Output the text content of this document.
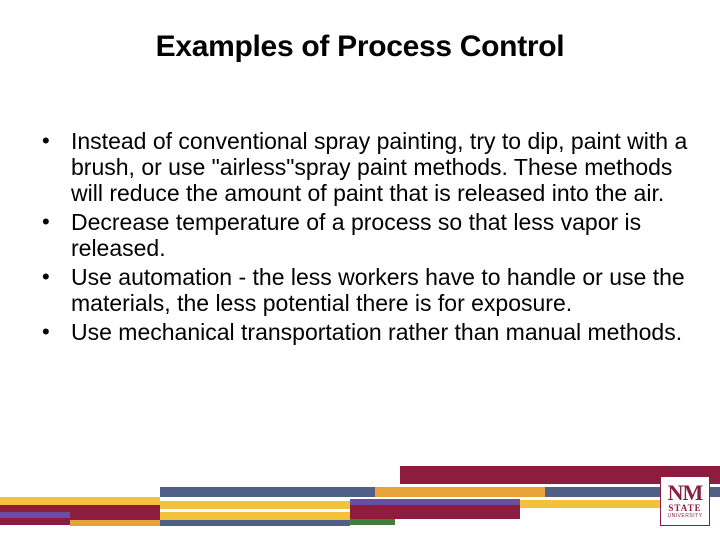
Examples of Process Control
• Instead of conventional spray painting, try to dip, paint with a brush, or use "airless"spray paint methods. These methods will reduce the amount of paint that is released into the air.
• Decrease temperature of a process so that less vapor is released.
• Use automation - the less workers have to handle or use the materials, the less potential there is for exposure.
• Use mechanical transportation rather than manual methods.
NM
STATE
UNIVERSITY
